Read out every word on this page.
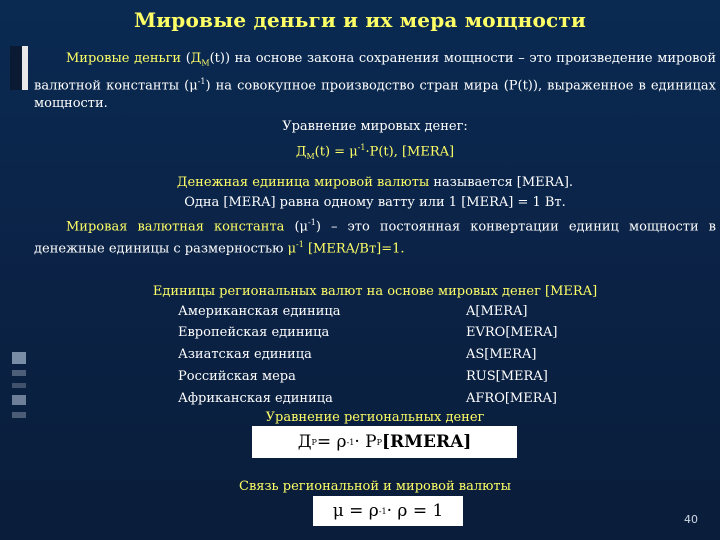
Мировые деньги и их мера мощности
Мировые деньги $(Д_М(t))$ на основе закона сохранения мощности – это произведение мировой валютной константы $(\mu^{-1})$ на совокупное производство стран мира (P(t)), выраженное в единицах мощности.
Уравнение мировых денег:
$Д_М(t) = \mu^{-1}\cdot P(t)$, [MERA]
Денежная единица мировой валюты называется [MERA].
Одна [MERA] равна одному ватту или 1 [MERA] = 1 Вт.
Мировая валютная константа $(\mu^{-1})$ – это постоянная конвертации единиц мощности в денежные единицы с размерностью $\mu^{-1}$ [MERA/Вт]=1.
Единицы региональных валют на основе мировых денег [MERA]
Американская единица	A[MERA]
Европейская единица	EVRO[MERA]
Азиатская единица	AS[MERA]
Российская мера	RUS[MERA]
Африканская единица	AFRO[MERA]
Уравнение региональных денег
Д Р = ρ -1 · Р Р [RMERA]
Связь региональной и мировой валюты
μ = ρ -1 · ρ = 1	40
